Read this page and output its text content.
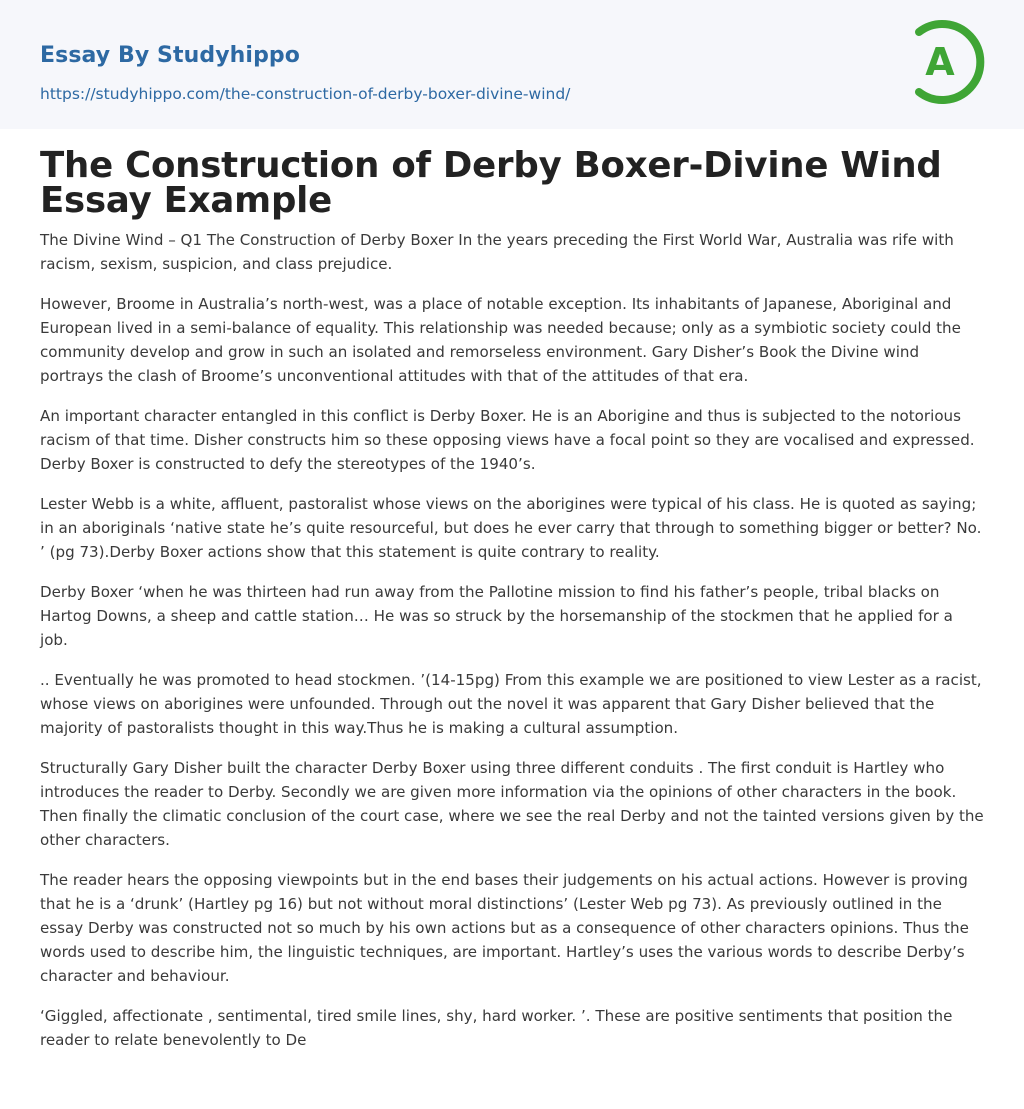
Essay By Studyhippo
https://studyhippo.com/the-construction-of-derby-boxer-divine-wind/
A
The Construction of Derby Boxer-Divine Wind Essay Example

The Divine Wind – Q1 The Construction of Derby Boxer In the years preceding the First World War, Australia was rife with racism, sexism, suspicion, and class prejudice.

However, Broome in Australia’s north-west, was a place of notable exception. Its inhabitants of Japanese, Aboriginal and European lived in a semi-balance of equality. This relationship was needed because; only as a symbiotic society could the community develop and grow in such an isolated and remorseless environment. Gary Disher’s Book the Divine wind portrays the clash of Broome’s unconventional attitudes with that of the attitudes of that era.

An important character entangled in this conflict is Derby Boxer. He is an Aborigine and thus is subjected to the notorious racism of that time. Disher constructs him so these opposing views have a focal point so they are vocalised and expressed. Derby Boxer is constructed to defy the stereotypes of the 1940’s.

Lester Webb is a white, affluent, pastoralist whose views on the aborigines were typical of his class. He is quoted as saying; in an aboriginals ‘native state he’s quite resourceful, but does he ever carry that through to something bigger or better? No. ’ (pg 73).Derby Boxer actions show that this statement is quite contrary to reality.

Derby Boxer ‘when he was thirteen had run away from the Pallotine mission to find his father’s people, tribal blacks on Hartog Downs, a sheep and cattle station… He was so struck by the horsemanship of the stockmen that he applied for a job.

.. Eventually he was promoted to head stockmen. ’(14-15pg) From this example we are positioned to view Lester as a racist, whose views on aborigines were unfounded. Through out the novel it was apparent that Gary Disher believed that the majority of pastoralists thought in this way.Thus he is making a cultural assumption.

Structurally Gary Disher built the character Derby Boxer using three different conduits . The first conduit is Hartley who introduces the reader to Derby. Secondly we are given more information via the opinions of other characters in the book. Then finally the climatic conclusion of the court case, where we see the real Derby and not the tainted versions given by the other characters.

The reader hears the opposing viewpoints but in the end bases their judgements on his actual actions. However is proving that he is a ‘drunk’ (Hartley pg 16) but not without moral distinctions’ (Lester Web pg 73). As previously outlined in the essay Derby was constructed not so much by his own actions but as a consequence of other characters opinions. Thus the words used to describe him, the linguistic techniques, are important. Hartley’s uses the various words to describe Derby’s character and behaviour.

‘Giggled, affectionate , sentimental, tired smile lines, shy, hard worker. ’. These are positive sentiments that position the reader to relate benevolently to De
